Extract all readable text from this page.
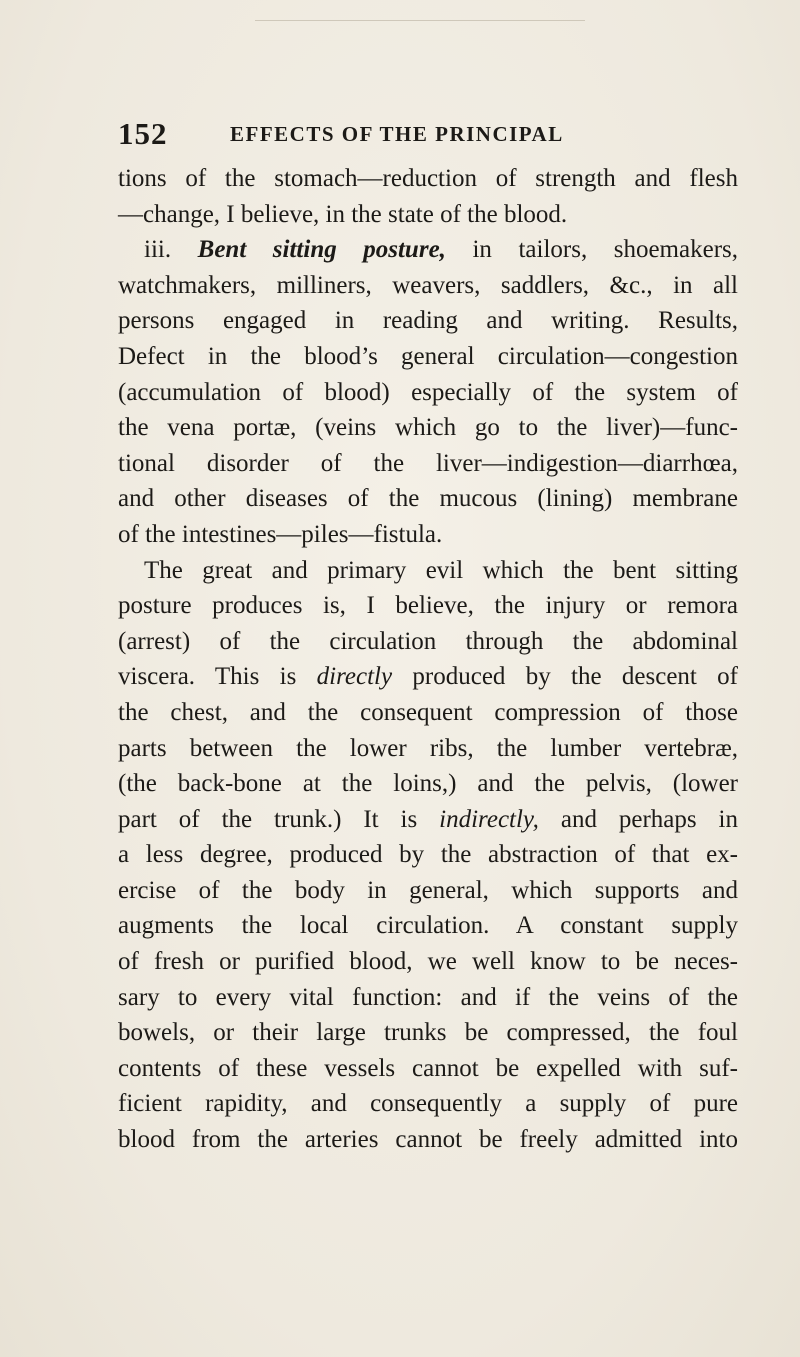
152	EFFECTS OF THE PRINCIPAL
tions of the stomach—reduction of strength and flesh
—change, I believe, in the state of the blood.
iii. Bent sitting posture, in tailors, shoemakers,
watchmakers, milliners, weavers, saddlers, &c., in all
persons engaged in reading and writing. Results,
Defect in the blood’s general circulation—congestion
(accumulation of blood) especially of the system of
the vena portæ, (veins which go to the liver)—func-
tional disorder of the liver—indigestion—diarrhœa,
and other diseases of the mucous (lining) membrane
of the intestines—piles—fistula.
The great and primary evil which the bent sitting
posture produces is, I believe, the injury or remora
(arrest) of the circulation through the abdominal
viscera. This is directly produced by the descent of
the chest, and the consequent compression of those
parts between the lower ribs, the lumber vertebræ,
(the back-bone at the loins,) and the pelvis, (lower
part of the trunk.) It is indirectly, and perhaps in
a less degree, produced by the abstraction of that ex-
ercise of the body in general, which supports and
augments the local circulation. A constant supply
of fresh or purified blood, we well know to be neces-
sary to every vital function: and if the veins of the
bowels, or their large trunks be compressed, the foul
contents of these vessels cannot be expelled with suf-
ficient rapidity, and consequently a supply of pure
blood from the arteries cannot be freely admitted into
